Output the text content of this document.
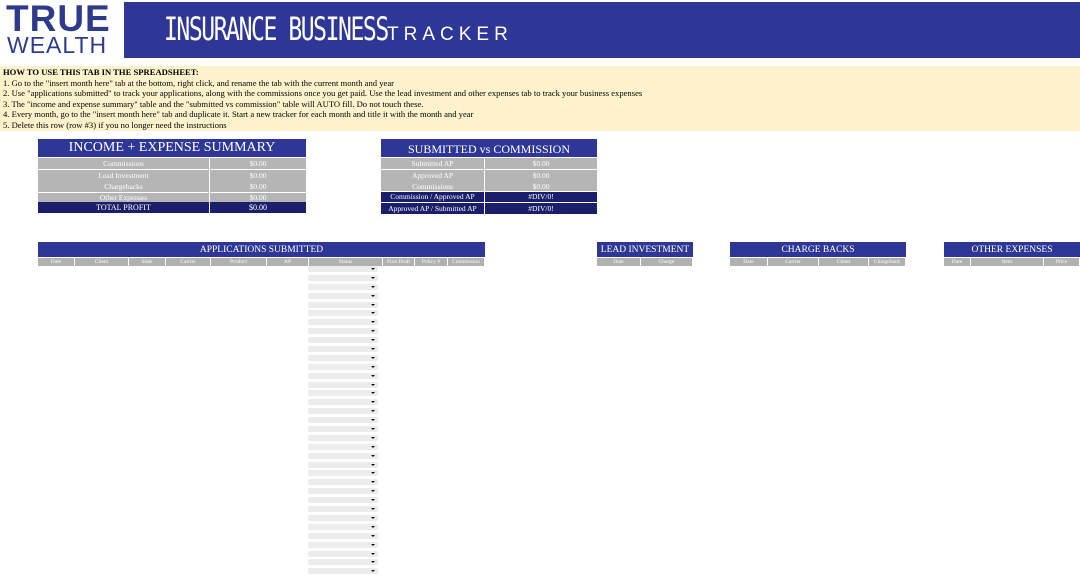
TRUE
WEALTH INSURANCE BUSINESS TRACKER
HOW TO USE THIS TAB IN THE SPREADSHEET:
1. Go to the "insert month here" tab at the bottom, right click, and rename the tab with the current month and year
2. Use "applications submitted" to track your applications, along with the commissions once you get paid. Use the lead investment and other expenses tab to track your business expenses
3. The "income and expense summary" table and the "submitted vs commission" table will AUTO fill. Do not touch these.
4. Every month, go to the "insert month here" tab and duplicate it. Start a new tracker for each month and title it with the month and year
5. Delete this row (row #3) if you no longer need the instructions
INCOME + EXPENSE SUMMARY
Commissions	$0.00
Lead Investment	$0.00
Chargebacks	$0.00
Other Expenses	$0.00
TOTAL PROFIT	$0.00
SUBMITTED vs COMMISSION
Submitted AP	$0.00
Approved AP	$0.00
Commissions	$0.00
Commission / Approved AP	#DIV/0!
Approved AP / Submitted AP	#DIV/0!
APPLICATIONS SUBMITTED
Date	Client	State	Carrier	Product	AP	Status	First Draft	Policy #	Commission
LEAD INVESTMENT
Date	Charge
CHARGE BACKS
Date	Carrier	Client	Chargeback
OTHER EXPENSES
Date	Item	Price
